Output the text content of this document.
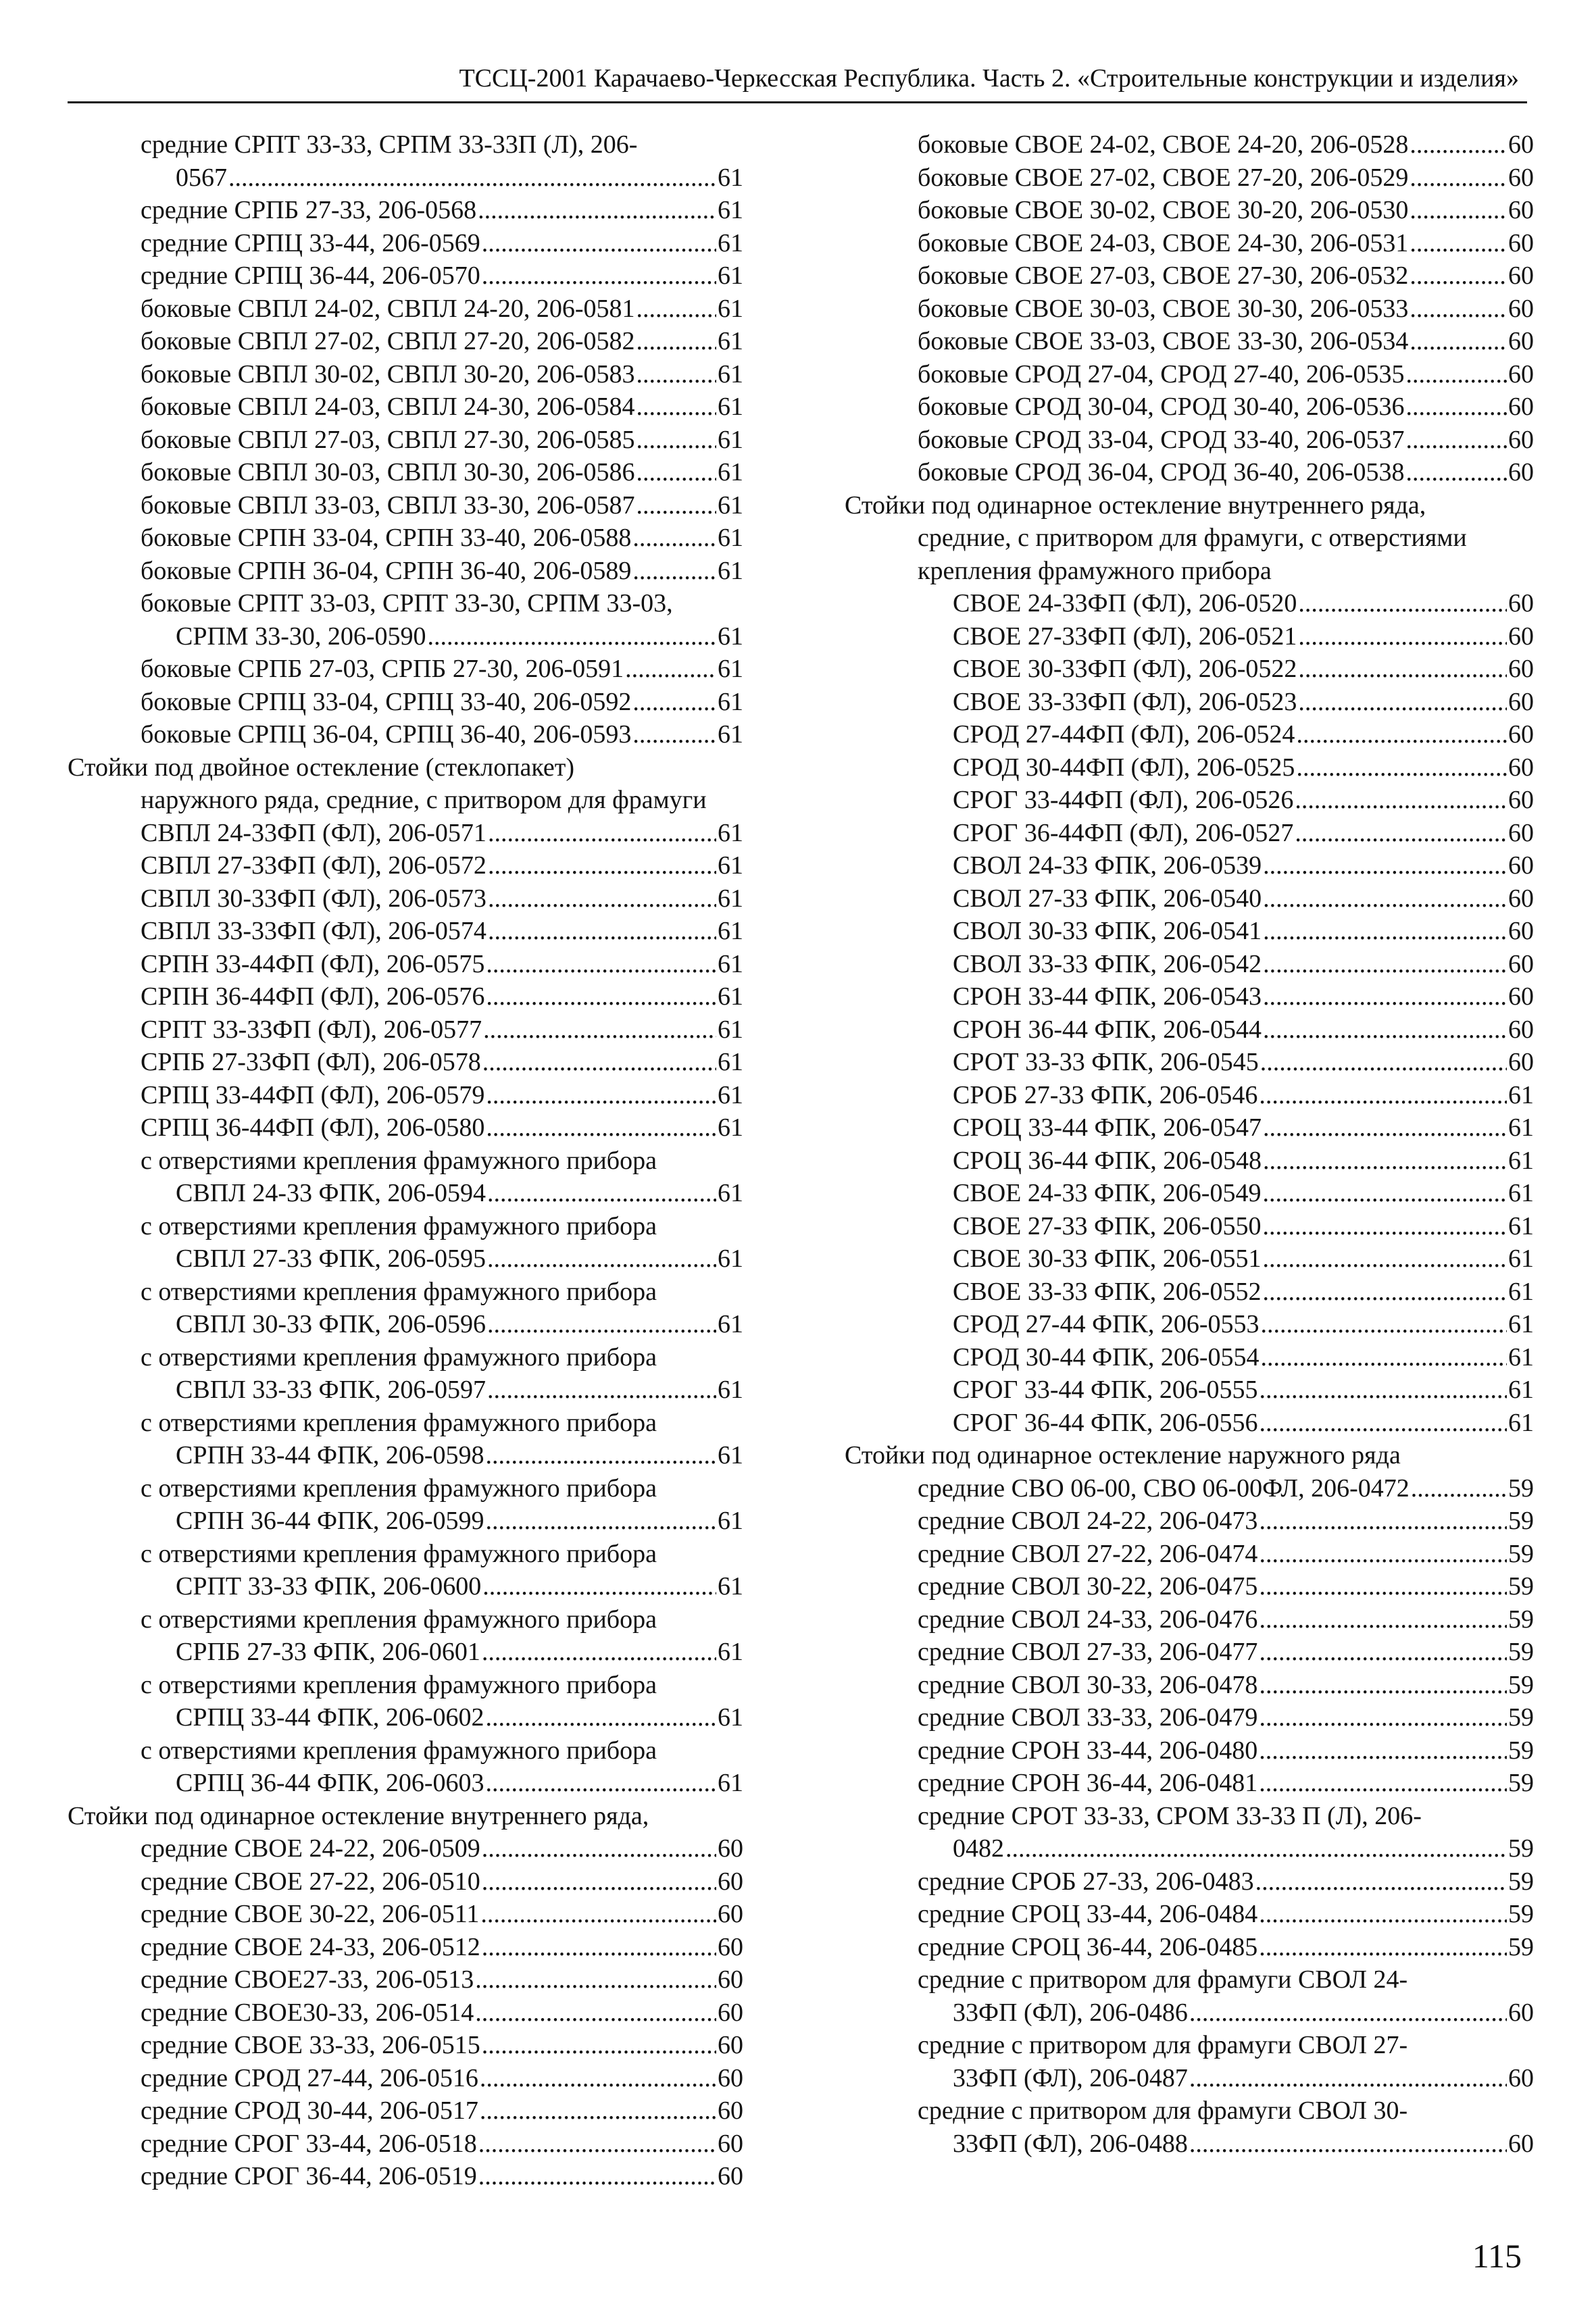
ТССЦ-2001 Карачаево-Черкесская Республика. Часть 2. «Строительные конструкции и изделия»
средние СРПТ 33-33, СРПМ 33-33П (Л), 206-
0567 .....	61
средние СРПБ 27-33, 206-0568 .....	61
средние СРПЦ 33-44, 206-0569 .....	61
средние СРПЦ 36-44, 206-0570 .....	61
боковые СВПЛ 24-02, СВПЛ 24-20, 206-0581 .....	61
боковые СВПЛ 27-02, СВПЛ 27-20, 206-0582 .....	61
боковые СВПЛ 30-02, СВПЛ 30-20, 206-0583 .....	61
боковые СВПЛ 24-03, СВПЛ 24-30, 206-0584 .....	61
боковые СВПЛ 27-03, СВПЛ 27-30, 206-0585 .....	61
боковые СВПЛ 30-03, СВПЛ 30-30, 206-0586 .....	61
боковые СВПЛ 33-03, СВПЛ 33-30, 206-0587 .....	61
боковые СРПН 33-04, СРПН 33-40, 206-0588 .....	61
боковые СРПН 36-04, СРПН 36-40, 206-0589 .....	61
боковые СРПТ 33-03, СРПТ 33-30, СРПМ 33-03,
СРПМ 33-30, 206-0590 .....	61
боковые СРПБ 27-03, СРПБ 27-30, 206-0591 .....	61
боковые СРПЦ 33-04, СРПЦ 33-40, 206-0592 .....	61
боковые СРПЦ 36-04, СРПЦ 36-40, 206-0593 .....	61
Стойки под двойное остекление (стеклопакет)
наружного ряда, средние, с притвором для фрамуги
СВПЛ 24-33ФП (ФЛ), 206-0571 .....	61
СВПЛ 27-33ФП (ФЛ), 206-0572 .....	61
СВПЛ 30-33ФП (ФЛ), 206-0573 .....	61
СВПЛ 33-33ФП (ФЛ), 206-0574 .....	61
СРПН 33-44ФП (ФЛ), 206-0575 .....	61
СРПН 36-44ФП (ФЛ), 206-0576 .....	61
СРПТ 33-33ФП (ФЛ), 206-0577 .....	61
СРПБ 27-33ФП (ФЛ), 206-0578 .....	61
СРПЦ 33-44ФП (ФЛ), 206-0579 .....	61
СРПЦ 36-44ФП (ФЛ), 206-0580 .....	61
с отверстиями крепления фрамужного прибора
СВПЛ 24-33 ФПК, 206-0594 .....	61
с отверстиями крепления фрамужного прибора
СВПЛ 27-33 ФПК, 206-0595 .....	61
с отверстиями крепления фрамужного прибора
СВПЛ 30-33 ФПК, 206-0596 .....	61
с отверстиями крепления фрамужного прибора
СВПЛ 33-33 ФПК, 206-0597 .....	61
с отверстиями крепления фрамужного прибора
СРПН 33-44 ФПК, 206-0598 .....	61
с отверстиями крепления фрамужного прибора
СРПН 36-44 ФПК, 206-0599 .....	61
с отверстиями крепления фрамужного прибора
СРПТ 33-33 ФПК, 206-0600 .....	61
с отверстиями крепления фрамужного прибора
СРПБ 27-33 ФПК, 206-0601 .....	61
с отверстиями крепления фрамужного прибора
СРПЦ 33-44 ФПК, 206-0602 .....	61
с отверстиями крепления фрамужного прибора
СРПЦ 36-44 ФПК, 206-0603 .....	61
Стойки под одинарное остекление внутреннего ряда,
средние СВОЕ 24-22, 206-0509 .....	60
средние СВОЕ 27-22, 206-0510 .....	60
средние СВОЕ 30-22, 206-0511 .....	60
средние СВОЕ 24-33, 206-0512 .....	60
средние СВОЕ27-33, 206-0513 .....	60
средние СВОЕ30-33, 206-0514 .....	60
средние СВОЕ 33-33, 206-0515 .....	60
средние СРОД 27-44, 206-0516 .....	60
средние СРОД 30-44, 206-0517 .....	60
средние СРОГ 33-44, 206-0518 .....	60
средние СРОГ 36-44, 206-0519 .....	60
боковые СВОЕ 24-02, СВОЕ 24-20, 206-0528 .....	60
боковые СВОЕ 27-02, СВОЕ 27-20, 206-0529 .....	60
боковые СВОЕ 30-02, СВОЕ 30-20, 206-0530 .....	60
боковые СВОЕ 24-03, СВОЕ 24-30, 206-0531 .....	60
боковые СВОЕ 27-03, СВОЕ 27-30, 206-0532 .....	60
боковые СВОЕ 30-03, СВОЕ 30-30, 206-0533 .....	60
боковые СВОЕ 33-03, СВОЕ 33-30, 206-0534 .....	60
боковые СРОД 27-04, СРОД 27-40, 206-0535 .....	60
боковые СРОД 30-04, СРОД 30-40, 206-0536 .....	60
боковые СРОД 33-04, СРОД 33-40, 206-0537 .....	60
боковые СРОД 36-04, СРОД 36-40, 206-0538 .....	60
Стойки под одинарное остекление внутреннего ряда,
средние, с притвором для фрамуги, с отверстиями
крепления фрамужного прибора
СВОЕ 24-33ФП (ФЛ), 206-0520 .....	60
СВОЕ 27-33ФП (ФЛ), 206-0521 .....	60
СВОЕ 30-33ФП (ФЛ), 206-0522 .....	60
СВОЕ 33-33ФП (ФЛ), 206-0523 .....	60
СРОД 27-44ФП (ФЛ), 206-0524 .....	60
СРОД 30-44ФП (ФЛ), 206-0525 .....	60
СРОГ 33-44ФП (ФЛ), 206-0526 .....	60
СРОГ 36-44ФП (ФЛ), 206-0527 .....	60
СВОЛ 24-33 ФПК, 206-0539 .....	60
СВОЛ 27-33 ФПК, 206-0540 .....	60
СВОЛ 30-33 ФПК, 206-0541 .....	60
СВОЛ 33-33 ФПК, 206-0542 .....	60
СРОН 33-44 ФПК, 206-0543 .....	60
СРОН 36-44 ФПК, 206-0544 .....	60
СРОТ 33-33 ФПК, 206-0545 .....	60
СРОБ 27-33 ФПК, 206-0546 .....	61
СРОЦ 33-44 ФПК, 206-0547 .....	61
СРОЦ 36-44 ФПК, 206-0548 .....	61
СВОЕ 24-33 ФПК, 206-0549 .....	61
СВОЕ 27-33 ФПК, 206-0550 .....	61
СВОЕ 30-33 ФПК, 206-0551 .....	61
СВОЕ 33-33 ФПК, 206-0552 .....	61
СРОД 27-44 ФПК, 206-0553 .....	61
СРОД 30-44 ФПК, 206-0554 .....	61
СРОГ 33-44 ФПК, 206-0555 .....	61
СРОГ 36-44 ФПК, 206-0556 .....	61
Стойки под одинарное остекление наружного ряда
средние СВО 06-00, СВО 06-00ФЛ, 206-0472 .....	59
средние СВОЛ 24-22, 206-0473 .....	59
средние СВОЛ 27-22, 206-0474 .....	59
средние СВОЛ 30-22, 206-0475 .....	59
средние СВОЛ 24-33, 206-0476 .....	59
средние СВОЛ 27-33, 206-0477 .....	59
средние СВОЛ 30-33, 206-0478 .....	59
средние СВОЛ 33-33, 206-0479 .....	59
средние СРОН 33-44, 206-0480 .....	59
средние СРОН 36-44, 206-0481 .....	59
средние СРОТ 33-33, СРОМ 33-33 П (Л), 206-
0482 .....	59
средние СРОБ 27-33, 206-0483 .....	59
средние СРОЦ 33-44, 206-0484 .....	59
средние СРОЦ 36-44, 206-0485 .....	59
средние с притвором для фрамуги СВОЛ 24-
33ФП (ФЛ), 206-0486 .....	60
средние с притвором для фрамуги СВОЛ 27-
33ФП (ФЛ), 206-0487 .....	60
средние с притвором для фрамуги СВОЛ 30-
33ФП (ФЛ), 206-0488 .....	60
115
